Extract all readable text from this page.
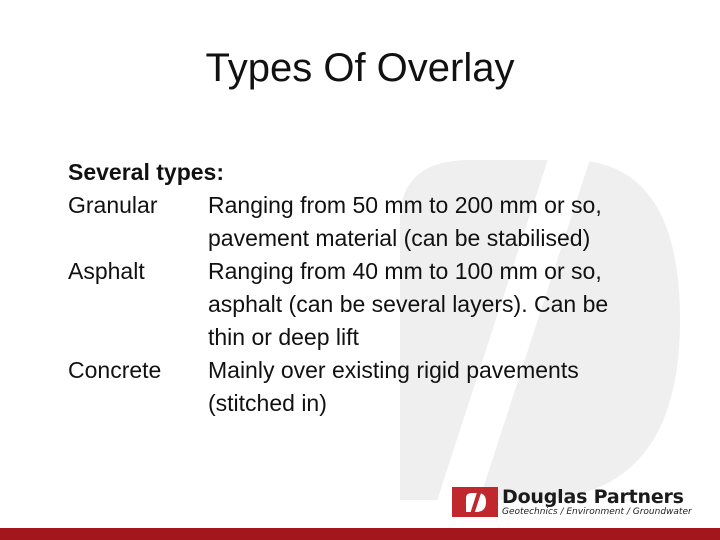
Types Of Overlay
Several types:
Granular	Ranging from 50 mm to 200 mm or so,
pavement material (can be stabilised)
Asphalt	Ranging from 40 mm to 100 mm or so,
asphalt (can be several layers). Can be
thin or deep lift
Concrete	Mainly over existing rigid pavements
(stitched in)
Douglas Partners
Geotechnics / Environment / Groundwater
